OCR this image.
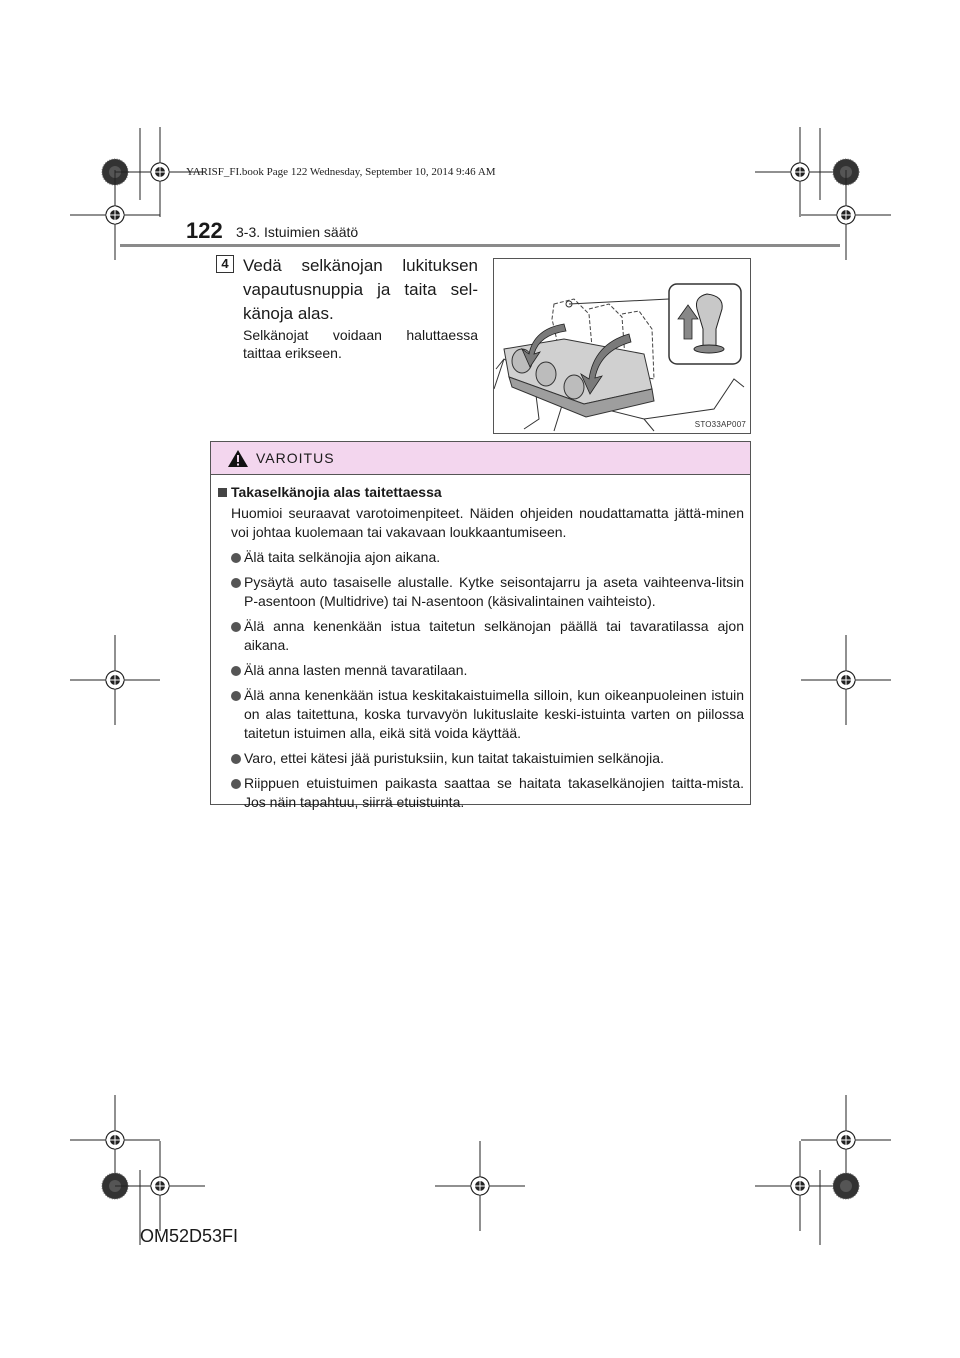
YARISF_FI.book Page 122 Wednesday, September 10, 2014 9:46 AM
122 3-3. Istuimien säätö
4 Vedä selkänojan lukituksen vapautusnuppia ja taita sel-känoja alas.
Selkänojat voidaan haluttaessa taittaa erikseen.
STO33AP007
VAROITUS
Takaselkänojia alas taitettaessa
Huomioi seuraavat varotoimenpiteet. Näiden ohjeiden noudattamatta jättä-minen voi johtaa kuolemaan tai vakavaan loukkaantumiseen.
Älä taita selkänojia ajon aikana.
Pysäytä auto tasaiselle alustalle. Kytke seisontajarru ja aseta vaihteenva-litsin P-asentoon (Multidrive) tai N-asentoon (käsivalintainen vaihteisto).
Älä anna kenenkään istua taitetun selkänojan päällä tai tavaratilassa ajon aikana.
Älä anna lasten mennä tavaratilaan.
Älä anna kenenkään istua keskitakaistuimella silloin, kun oikeanpuoleinen istuin on alas taitettuna, koska turvavyön lukituslaite keski-istuinta varten on piilossa taitetun istuimen alla, eikä sitä voida käyttää.
Varo, ettei kätesi jää puristuksiin, kun taitat takaistuimien selkänojia.
Riippuen etuistuimen paikasta saattaa se haitata takaselkänojien taitta-mista. Jos näin tapahtuu, siirrä etuistuinta.
OM52D53FI
